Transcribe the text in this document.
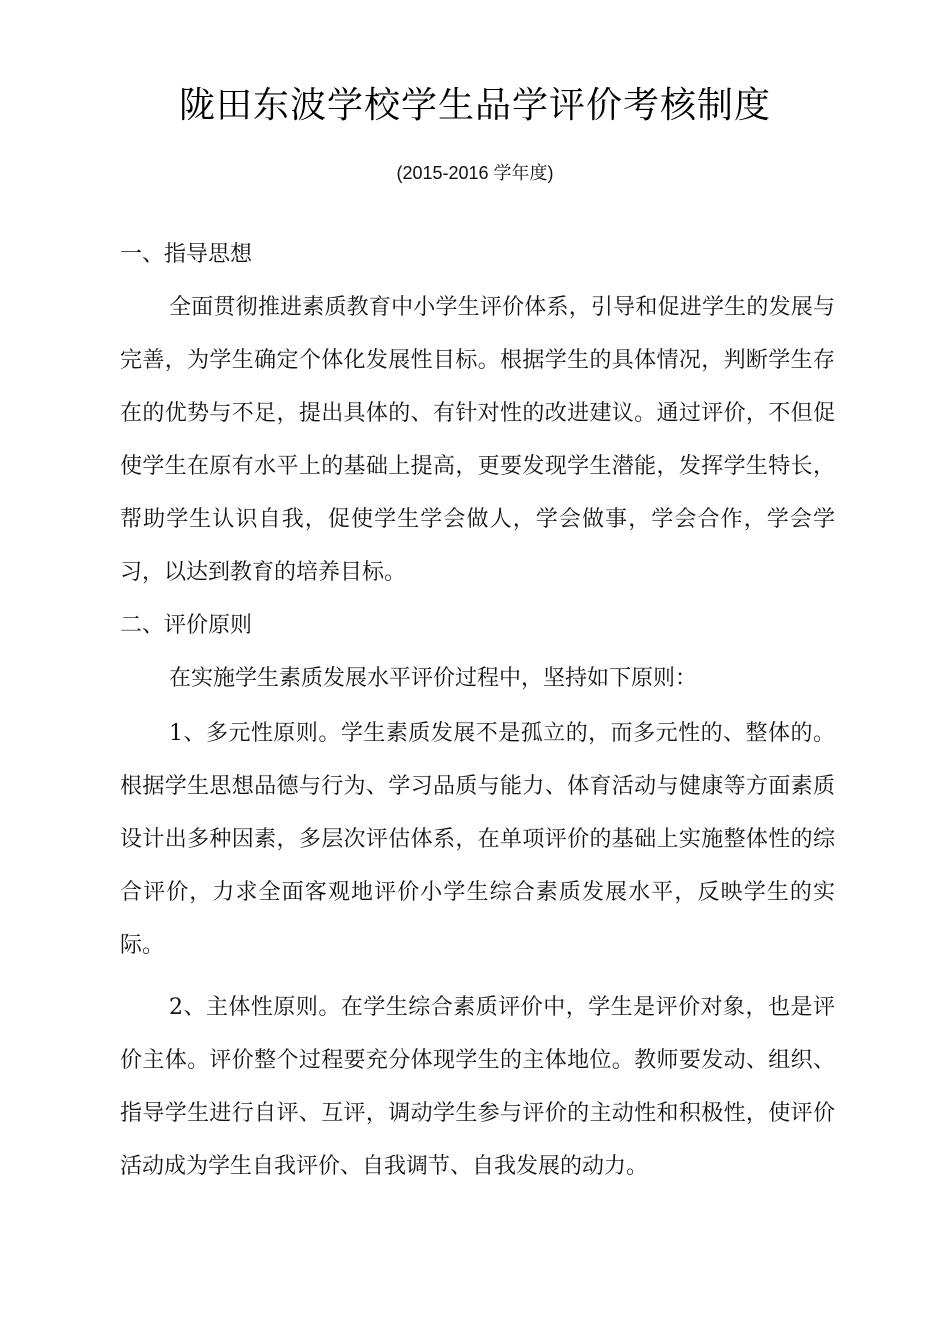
陇田东波学校学生品学评价考核制度
(2015-2016 学年度)

一、指导思想

全面贯彻推进素质教育中小学生评价体系，引导和促进学生的发展与完善，为学生确定个体化发展性目标。根据学生的具体情况，判断学生存在的优势与不足，提出具体的、有针对性的改进建议。通过评价，不但促使学生在原有水平上的基础上提高，更要发现学生潜能，发挥学生特长，帮助学生认识自我，促使学生学会做人，学会做事，学会合作，学会学习，以达到教育的培养目标。

二、评价原则

在实施学生素质发展水平评价过程中，坚持如下原则：

1、多元性原则。学生素质发展不是孤立的，而多元性的、整体的。根据学生思想品德与行为、学习品质与能力、体育活动与健康等方面素质设计出多种因素，多层次评估体系，在单项评价的基础上实施整体性的综合评价，力求全面客观地评价小学生综合素质发展水平，反映学生的实际。

2、主体性原则。在学生综合素质评价中，学生是评价对象，也是评价主体。评价整个过程要充分体现学生的主体地位。教师要发动、组织、指导学生进行自评、互评，调动学生参与评价的主动性和积极性，使评价活动成为学生自我评价、自我调节、自我发展的动力。
